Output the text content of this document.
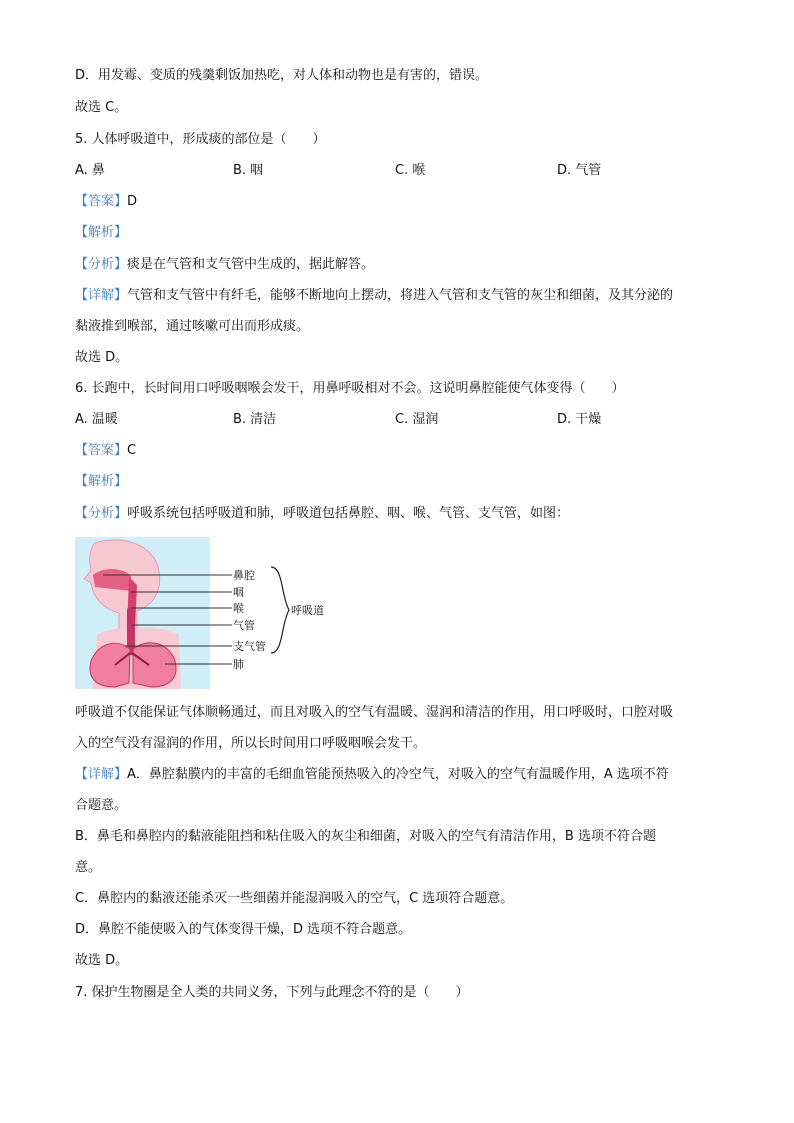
D．用发霉、变质的残羹剩饭加热吃，对人体和动物也是有害的，错误。
故选 C。
5. 人体呼吸道中，形成痰的部位是（　　）
A. 鼻	B. 咽	C. 喉	D. 气管
【答案】D
【解析】
【分析】痰是在气管和支气管中生成的，据此解答。
【详解】气管和支气管中有纤毛，能够不断地向上摆动，将进入气管和支气管的灰尘和细菌，及其分泌的
黏液推到喉部，通过咳嗽可出而形成痰。
故选 D。
6. 长跑中，长时间用口呼吸咽喉会发干，用鼻呼吸相对不会。这说明鼻腔能使气体变得（　　）
A. 温暖	B. 清洁	C. 湿润	D. 干燥
【答案】C
【解析】
【分析】呼吸系统包括呼吸道和肺，呼吸道包括鼻腔、咽、喉、气管、支气管，如图：
鼻腔
咽
喉
气管
支气管
肺
呼吸道
呼吸道不仅能保证气体顺畅通过，而且对吸入的空气有温暖、湿润和清洁的作用，用口呼吸时，口腔对吸
入的空气没有湿润的作用，所以长时间用口呼吸咽喉会发干。
【详解】A．鼻腔黏膜内的丰富的毛细血管能预热吸入的冷空气，对吸入的空气有温暖作用，A 选项不符
合题意。
B．鼻毛和鼻腔内的黏液能阻挡和粘住吸入的灰尘和细菌，对吸入的空气有清洁作用，B 选项不符合题
意。
C．鼻腔内的黏液还能杀灭一些细菌并能湿润吸入的空气，C 选项符合题意。
D．鼻腔不能使吸入的气体变得干燥，D 选项不符合题意。
故选 D。
7. 保护生物圈是全人类的共同义务，下列与此理念不符的是（　　）
